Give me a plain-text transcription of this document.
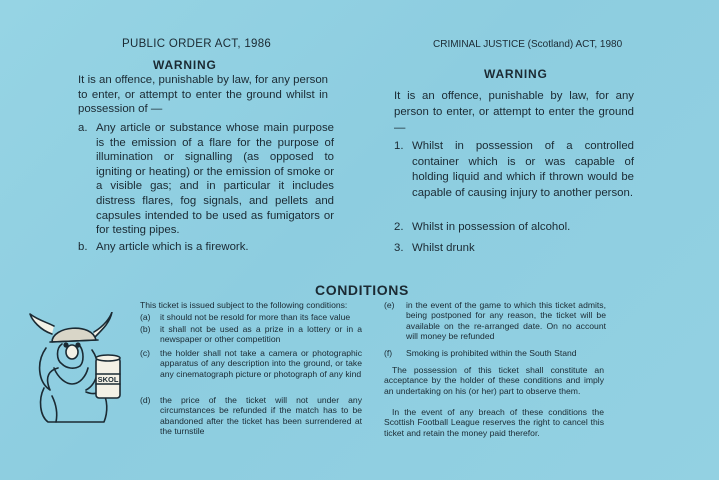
PUBLIC ORDER ACT, 1986
WARNING
It is an offence, punishable by law, for any person to enter, or attempt to enter the ground whilst in possession of —
a. Any article or substance whose main purpose is the emission of a flare for the purpose of illumination or signalling (as opposed to igniting or heating) or the emission of smoke or a visible gas; and in particular it includes distress flares, fog signals, and pellets and capsules intended to be used as fumigators or for testing pipes.
b. Any article which is a firework.
CRIMINAL JUSTICE (Scotland) ACT, 1980
WARNING
It is an offence, punishable by law, for any person to enter, or attempt to enter the ground —
1. Whilst in possession of a controlled container which is or was capable of holding liquid and which if thrown would be capable of causing injury to another person.
2. Whilst in possession of alcohol.
3. Whilst drunk
CONDITIONS
This ticket is issued subject to the following conditions:
(a)	it should not be resold for more than its face value
(b)	it shall not be used as a prize in a lottery or in a newspaper or other competition
(c)	the holder shall not take a camera or photographic apparatus of any description into the ground, or take any cinematograph picture or photograph of any kind
(d)	the price of the ticket will not under any circumstances be refunded if the match has to be abandoned after the ticket has been surrendered at the turnstile
(e)	in the event of the game to which this ticket admits, being postponed for any reason, the ticket will be available on the re-arranged date. On no account will money be refunded
(f)	Smoking is prohibited within the South Stand
The possession of this ticket shall constitute an acceptance by the holder of these conditions and imply an undertaking on his (or her) part to observe them.
In the event of any breach of these conditions the Scottish Football League reserves the right to cancel this ticket and retain the money paid therefor.
SKOL
